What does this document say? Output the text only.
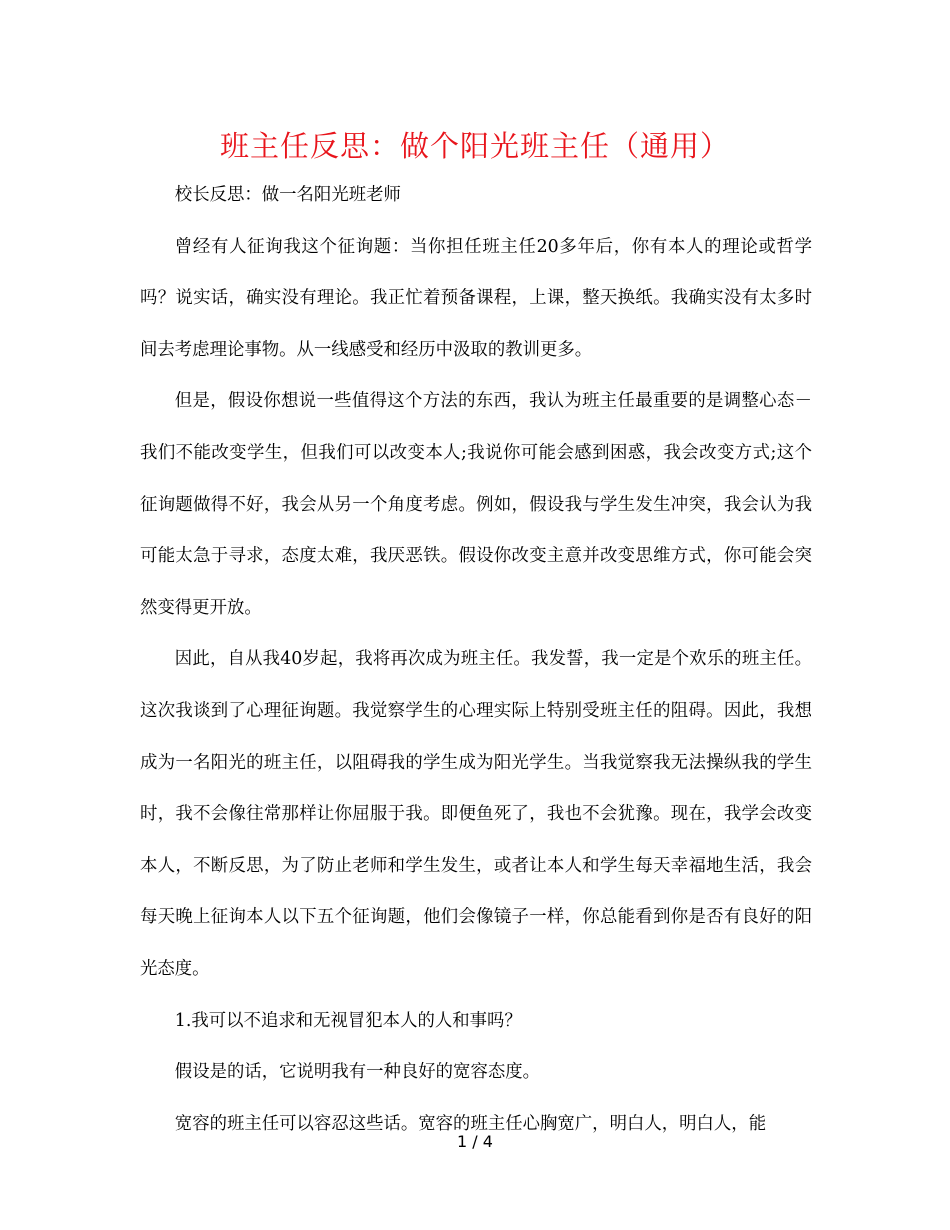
班主任反思：做个阳光班主任（通用）

校长反思：做一名阳光班老师

曾经有人征询我这个征询题：当你担任班主任20多年后，你有本人的理论或哲学吗？说实话，确实没有理论。我正忙着预备课程，上课，整天换纸。我确实没有太多时间去考虑理论事物。从一线感受和经历中汲取的教训更多。

但是，假设你想说一些值得这个方法的东西，我认为班主任最重要的是调整心态－我们不能改变学生，但我们可以改变本人;我说你可能会感到困惑，我会改变方式;这个征询题做得不好，我会从另一个角度考虑。例如，假设我与学生发生冲突，我会认为我可能太急于寻求，态度太难，我厌恶铁。假设你改变主意并改变思维方式，你可能会突然变得更开放。

因此，自从我40岁起，我将再次成为班主任。我发誓，我一定是个欢乐的班主任。这次我谈到了心理征询题。我觉察学生的心理实际上特别受班主任的阻碍。因此，我想成为一名阳光的班主任，以阻碍我的学生成为阳光学生。当我觉察我无法操纵我的学生时，我不会像往常那样让你屈服于我。即便鱼死了，我也不会犹豫。现在，我学会改变本人，不断反思，为了防止老师和学生发生，或者让本人和学生每天幸福地生活，我会每天晚上征询本人以下五个征询题，他们会像镜子一样，你总能看到你是否有良好的阳光态度。

1.我可以不追求和无视冒犯本人的人和事吗？

假设是的话，它说明我有一种良好的宽容态度。

宽容的班主任可以容忍这些话。宽容的班主任心胸宽广，明白人，明白人，能

1 / 4
